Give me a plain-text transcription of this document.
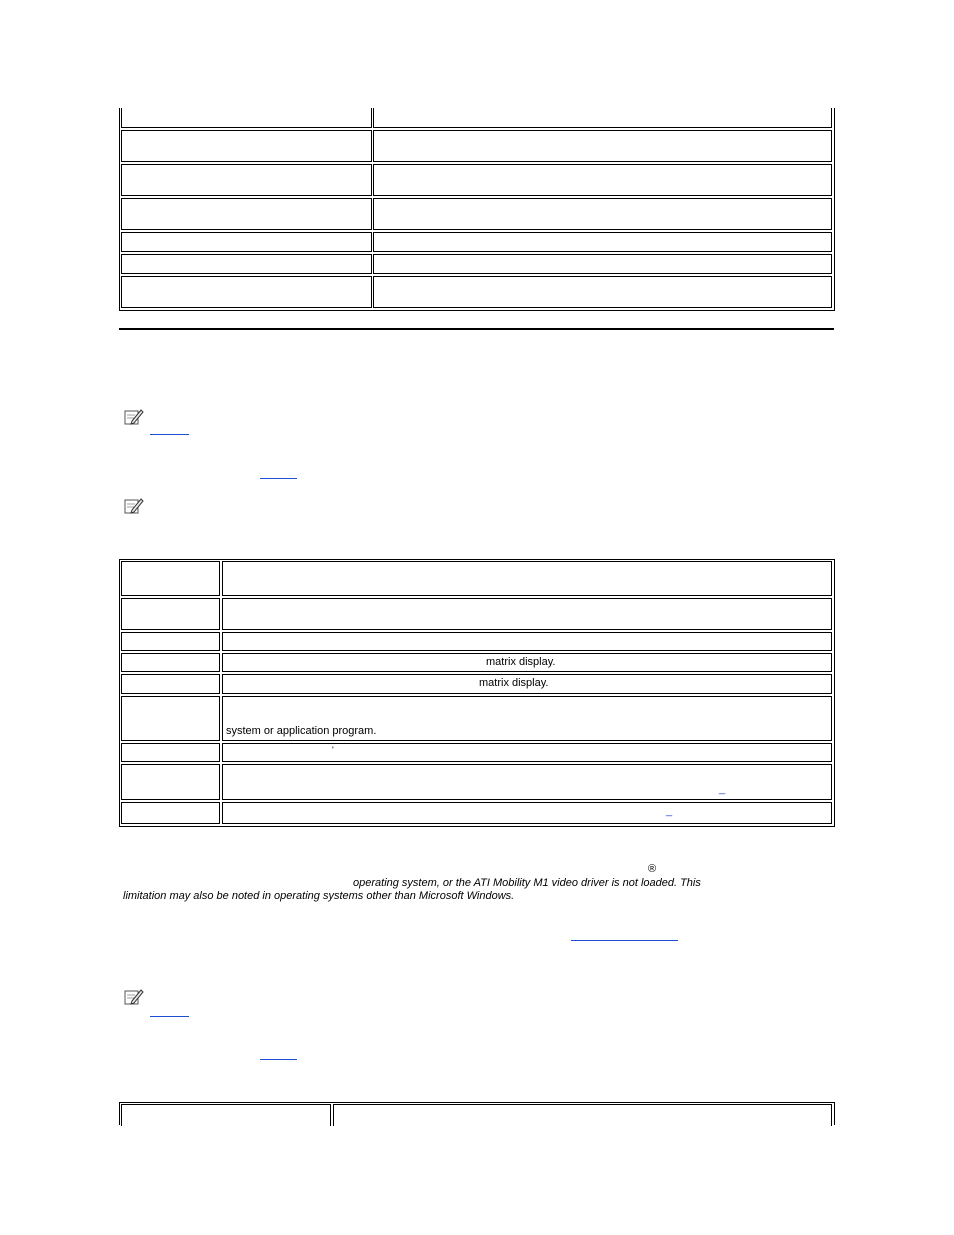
matrix display.
matrix display.
system or application program.
'
_
_
®
operating system, or the ATI Mobility M1 video driver is not loaded. This
limitation may also be noted in operating systems other than Microsoft Windows.
